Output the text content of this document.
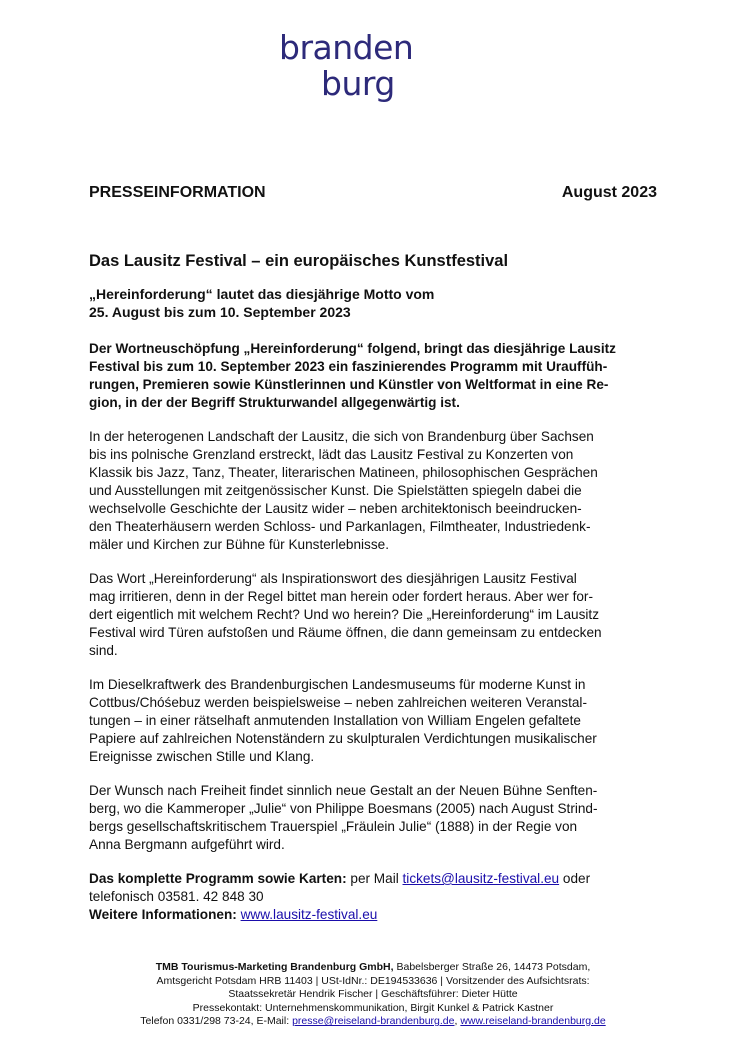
branden
burg
PRESSEINFORMATION	August 2023
Das Lausitz Festival – ein europäisches Kunstfestival
„Hereinforderung“ lautet das diesjährige Motto vom
25. August bis zum 10. September 2023

Der Wortneuschöpfung „Hereinforderung“ folgend, bringt das diesjährige Lausitz
Festival bis zum 10. September 2023 ein faszinierendes Programm mit Urauffüh-
rungen, Premieren sowie Künstlerinnen und Künstler von Weltformat in eine Re-
gion, in der der Begriff Strukturwandel allgegenwärtig ist.

In der heterogenen Landschaft der Lausitz, die sich von Brandenburg über Sachsen
bis ins polnische Grenzland erstreckt, lädt das Lausitz Festival zu Konzerten von
Klassik bis Jazz, Tanz, Theater, literarischen Matineen, philosophischen Gesprächen
und Ausstellungen mit zeitgenössischer Kunst. Die Spielstätten spiegeln dabei die
wechselvolle Geschichte der Lausitz wider – neben architektonisch beeindrucken-
den Theaterhäusern werden Schloss- und Parkanlagen, Filmtheater, Industriedenk-
mäler und Kirchen zur Bühne für Kunsterlebnisse.

Das Wort „Hereinforderung“ als Inspirationswort des diesjährigen Lausitz Festival
mag irritieren, denn in der Regel bittet man herein oder fordert heraus. Aber wer for-
dert eigentlich mit welchem Recht? Und wo herein? Die „Hereinforderung“ im Lausitz
Festival wird Türen aufstoßen und Räume öffnen, die dann gemeinsam zu entdecken
sind.

Im Dieselkraftwerk des Brandenburgischen Landesmuseums für moderne Kunst in
Cottbus/Chóśebuz werden beispielsweise – neben zahlreichen weiteren Veranstal-
tungen – in einer rätselhaft anmutenden Installation von William Engelen gefaltete
Papiere auf zahlreichen Notenständern zu skulpturalen Verdichtungen musikalischer
Ereignisse zwischen Stille und Klang.

Der Wunsch nach Freiheit findet sinnlich neue Gestalt an der Neuen Bühne Senften-
berg, wo die Kammeroper „Julie“ von Philippe Boesmans (2005) nach August Strind-
bergs gesellschaftskritischem Trauerspiel „Fräulein Julie“ (1888) in der Regie von
Anna Bergmann aufgeführt wird.

Das komplette Programm sowie Karten: per Mail tickets@lausitz-festival.eu oder
telefonisch 03581. 42 848 30
Weitere Informationen: www.lausitz-festival.eu
TMB Tourismus-Marketing Brandenburg GmbH, Babelsberger Straße 26, 14473 Potsdam,
Amtsgericht Potsdam HRB 11403 | USt-IdNr.: DE194533636 | Vorsitzender des Aufsichtsrats:
Staatssekretär Hendrik Fischer | Geschäftsführer: Dieter Hütte
Pressekontakt: Unternehmenskommunikation, Birgit Kunkel & Patrick Kastner
Telefon 0331/298 73-24, E-Mail: presse@reiseland-brandenburg.de, www.reiseland-brandenburg.de
